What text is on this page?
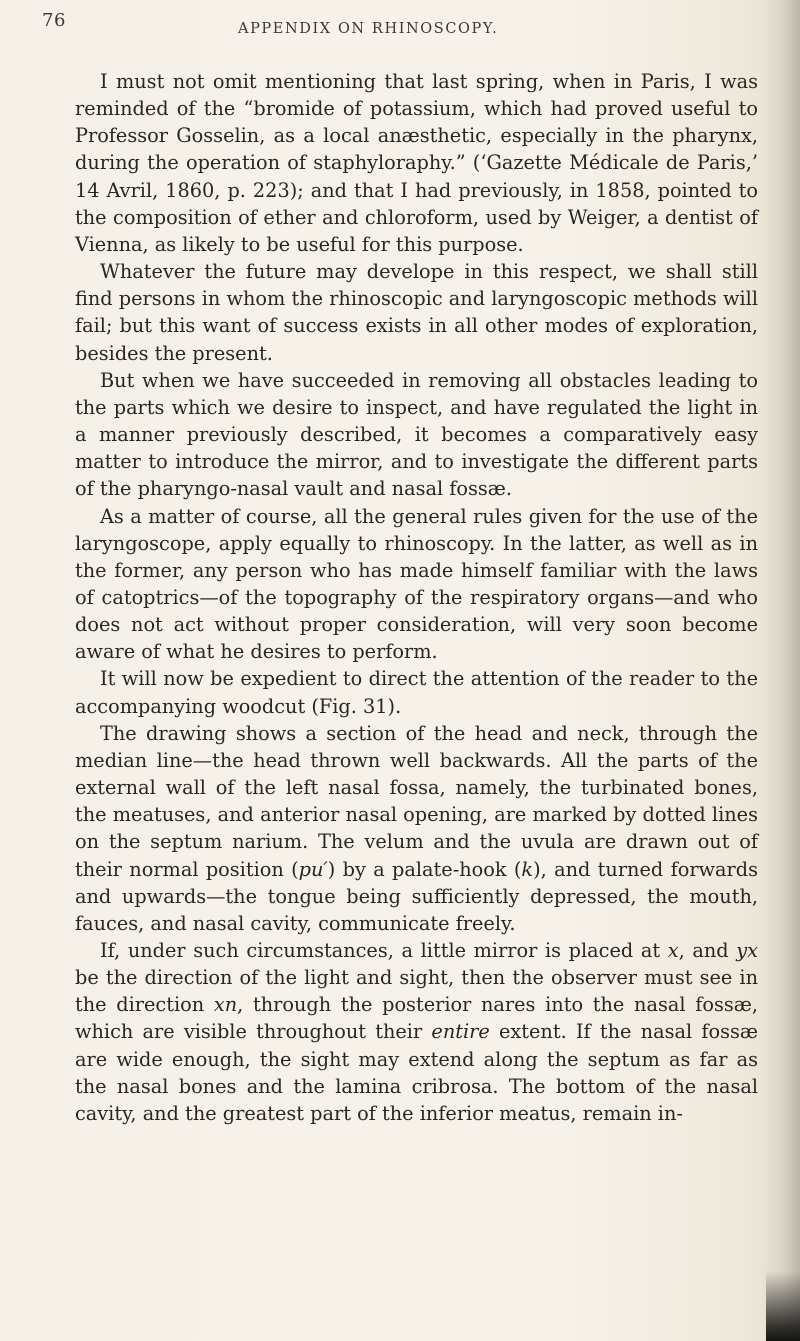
76	APPENDIX ON RHINOSCOPY.

I must not omit mentioning that last spring, when in Paris, I was reminded of the “bromide of potassium, which had proved useful to Professor Gosselin, as a local anæsthetic, especially in the pharynx, during the operation of staphyloraphy.” (‘Gazette Médicale de Paris,’ 14 Avril, 1860, p. 223); and that I had previously, in 1858, pointed to the composition of ether and chloroform, used by Weiger, a dentist of Vienna, as likely to be useful for this purpose.

Whatever the future may develope in this respect, we shall still find persons in whom the rhinoscopic and laryngoscopic methods will fail; but this want of success exists in all other modes of exploration, besides the present.

But when we have succeeded in removing all obstacles leading to the parts which we desire to inspect, and have regulated the light in a manner previously described, it becomes a comparatively easy matter to introduce the mirror, and to investigate the different parts of the pharyngo-nasal vault and nasal fossæ.

As a matter of course, all the general rules given for the use of the laryngoscope, apply equally to rhinoscopy. In the latter, as well as in the former, any person who has made himself familiar with the laws of catoptrics—of the topography of the respiratory organs—and who does not act without proper consideration, will very soon become aware of what he desires to perform.

It will now be expedient to direct the attention of the reader to the accompanying woodcut (Fig. 31).

The drawing shows a section of the head and neck, through the median line—the head thrown well backwards. All the parts of the external wall of the left nasal fossa, namely, the turbinated bones, the meatuses, and anterior nasal opening, are marked by dotted lines on the septum narium. The velum and the uvula are drawn out of their normal position (pu′) by a palate-hook (k), and turned forwards and upwards—the tongue being sufficiently depressed, the mouth, fauces, and nasal cavity, communicate freely.

If, under such circumstances, a little mirror is placed at x, and yx be the direction of the light and sight, then the observer must see in the direction xn, through the posterior nares into the nasal fossæ, which are visible throughout their entire extent. If the nasal fossæ are wide enough, the sight may extend along the septum as far as the nasal bones and the lamina cribrosa. The bottom of the nasal cavity, and the greatest part of the inferior meatus, remain in-
